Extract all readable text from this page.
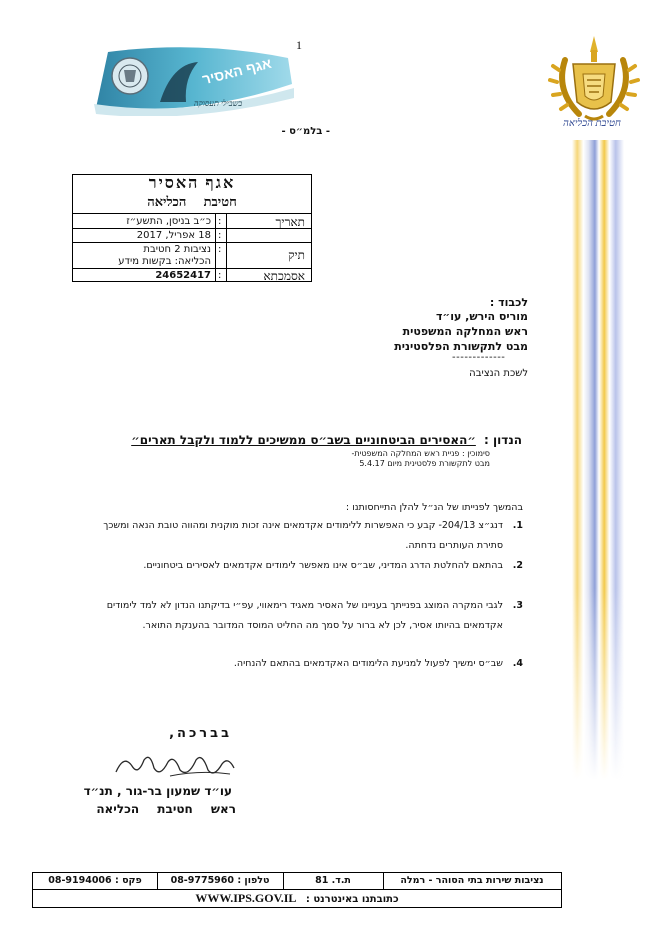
1
אגף האסיר
בשבילי תעסוקה
חטיבת הכליאה
- בלמ״ס -
אגף האסיר
חטיבת הכליאה
תאריך
:
כ״ב בניסן, התשע״ז
18 אפריל, 2017 :
תיק
:
נציבות 2 חטיבת
הכליאה: בקשות מידע
אסמכתא
:
24652417
לכבוד :
מוריס הירש, עו״ד
ראש המחלקה המשפטית
מבט לתקשורת הפלסטינית
-------------
לשכת הנציבה
הנדון : ״האסירים הביטחוניים בשב״ס ממשיכים ללמוד ולקבל תארים״
סימוכין : פניית ראש המחלקה המשפטית-
מבט לתקשורת פלסטינית מיום 5.4.17
בהמשך לפנייתו של הנ״ל להלן התייחסותנו :
1.
דנג״צ 204/13- קבע כי האפשרות ללימודים אקדמאים אינה זכות מוקנית ומהווה טובת הנאה ומשכך סתירת העותרים נדחתה.
2.
בהתאם להחלטת הדרג המדיני, שב״ס אינו מאפשר לימודים אקדמאים לאסירים ביטחוניים.
3.
לגבי המקרה המוצג בפנייתך בעניינו של האסיר מאגיד רימאווי, עפ״י בדיקתנו הנדון לא למד לימודים אקדמאים בהיותו אסיר, לכן לא ברור על סמך מה החליט המוסד המדובר בהענקת התואר.
4.
שב״ס ימשיך לפעול למניעת הלימודים האקדמאים בהתאם להנחיה.
בברכה,
עו״ד שמעון בר-גור , תנ״ד
ראש חטיבת הכליאה
נציבות שירות בתי הסוהר - רמלה
ת.ד. 81
טלפון : 08-9775960
פקס : 08-9194006
כתובתנו באינטרנט : WWW.IPS.GOV.IL
